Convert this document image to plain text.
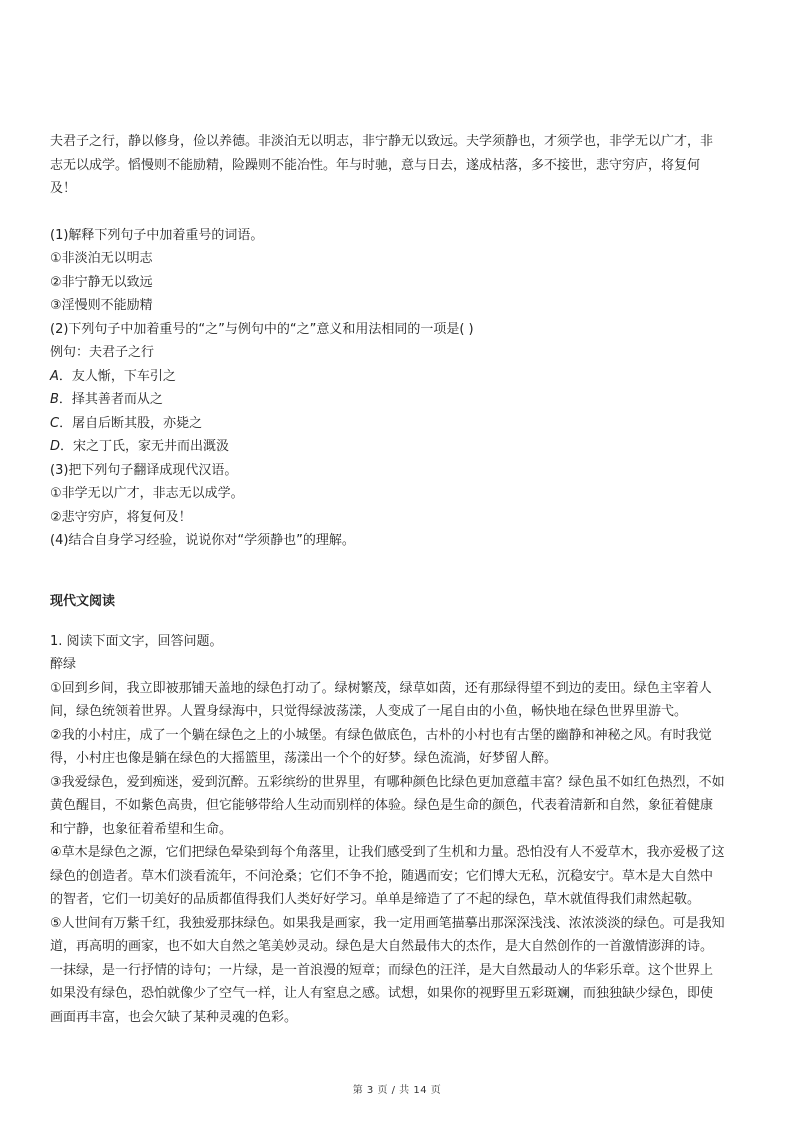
夫君子之行，静以修身，俭以养德。非淡泊无以明志，非宁静无以致远。夫学须静也，才须学也，非学无以广才，非
志无以成学。慆慢则不能励精，险躁则不能冶性。年与时驰，意与日去，遂成枯落，多不接世，悲守穷庐，将复何
及！
(1)解释下列句子中加着重号的词语。
①非淡泊无以明志
②非宁静无以致远
③淫慢则不能励精
(2)下列句子中加着重号的“之”与例句中的“之”意义和用法相同的一项是( )
例句：夫君子之行
A．友人惭，下车引之
B．择其善者而从之
C．屠自后断其股，亦毙之
D．宋之丁氏，家无井而出溉汲
(3)把下列句子翻译成现代汉语。
①非学无以广才，非志无以成学。
②悲守穷庐，将复何及！
(4)结合自身学习经验，说说你对“学须静也”的理解。
现代文阅读
1. 阅读下面文字，回答问题。
醉绿
①回到乡间，我立即被那铺天盖地的绿色打动了。绿树繁茂，绿草如茵，还有那绿得望不到边的麦田。绿色主宰着人
间，绿色统领着世界。人置身绿海中，只觉得绿波荡漾，人变成了一尾自由的小鱼，畅快地在绿色世界里游弋。
②我的小村庄，成了一个躺在绿色之上的小城堡。有绿色做底色，古朴的小村也有古堡的幽静和神秘之风。有时我觉
得，小村庄也像是躺在绿色的大摇篮里，荡漾出一个个的好梦。绿色流淌，好梦留人醉。
③我爱绿色，爱到痴迷，爱到沉醉。五彩缤纷的世界里，有哪种颜色比绿色更加意蕴丰富？绿色虽不如红色热烈，不如
黄色醒目，不如紫色高贵，但它能够带给人生动而别样的体验。绿色是生命的颜色，代表着清新和自然，象征着健康
和宁静，也象征着希望和生命。
④草木是绿色之源，它们把绿色晕染到每个角落里，让我们感受到了生机和力量。恐怕没有人不爱草木，我亦爱极了这
绿色的创造者。草木们淡看流年，不问沧桑；它们不争不抢，随遇而安；它们博大无私，沉稳安宁。草木是大自然中
的智者，它们一切美好的品质都值得我们人类好好学习。单单是缔造了了不起的绿色，草木就值得我们肃然起敬。
⑤人世间有万紫千红，我独爱那抹绿色。如果我是画家，我一定用画笔描摹出那深深浅浅、浓浓淡淡的绿色。可是我知
道，再高明的画家，也不如大自然之笔美妙灵动。绿色是大自然最伟大的杰作，是大自然创作的一首激情澎湃的诗。
一抹绿，是一行抒情的诗句；一片绿，是一首浪漫的短章；而绿色的汪洋，是大自然最动人的华彩乐章。这个世界上
如果没有绿色，恐怕就像少了空气一样，让人有窒息之感。试想，如果你的视野里五彩斑斓，而独独缺少绿色，即使
画面再丰富，也会欠缺了某种灵魂的色彩。
第 3 页 / 共 14 页
